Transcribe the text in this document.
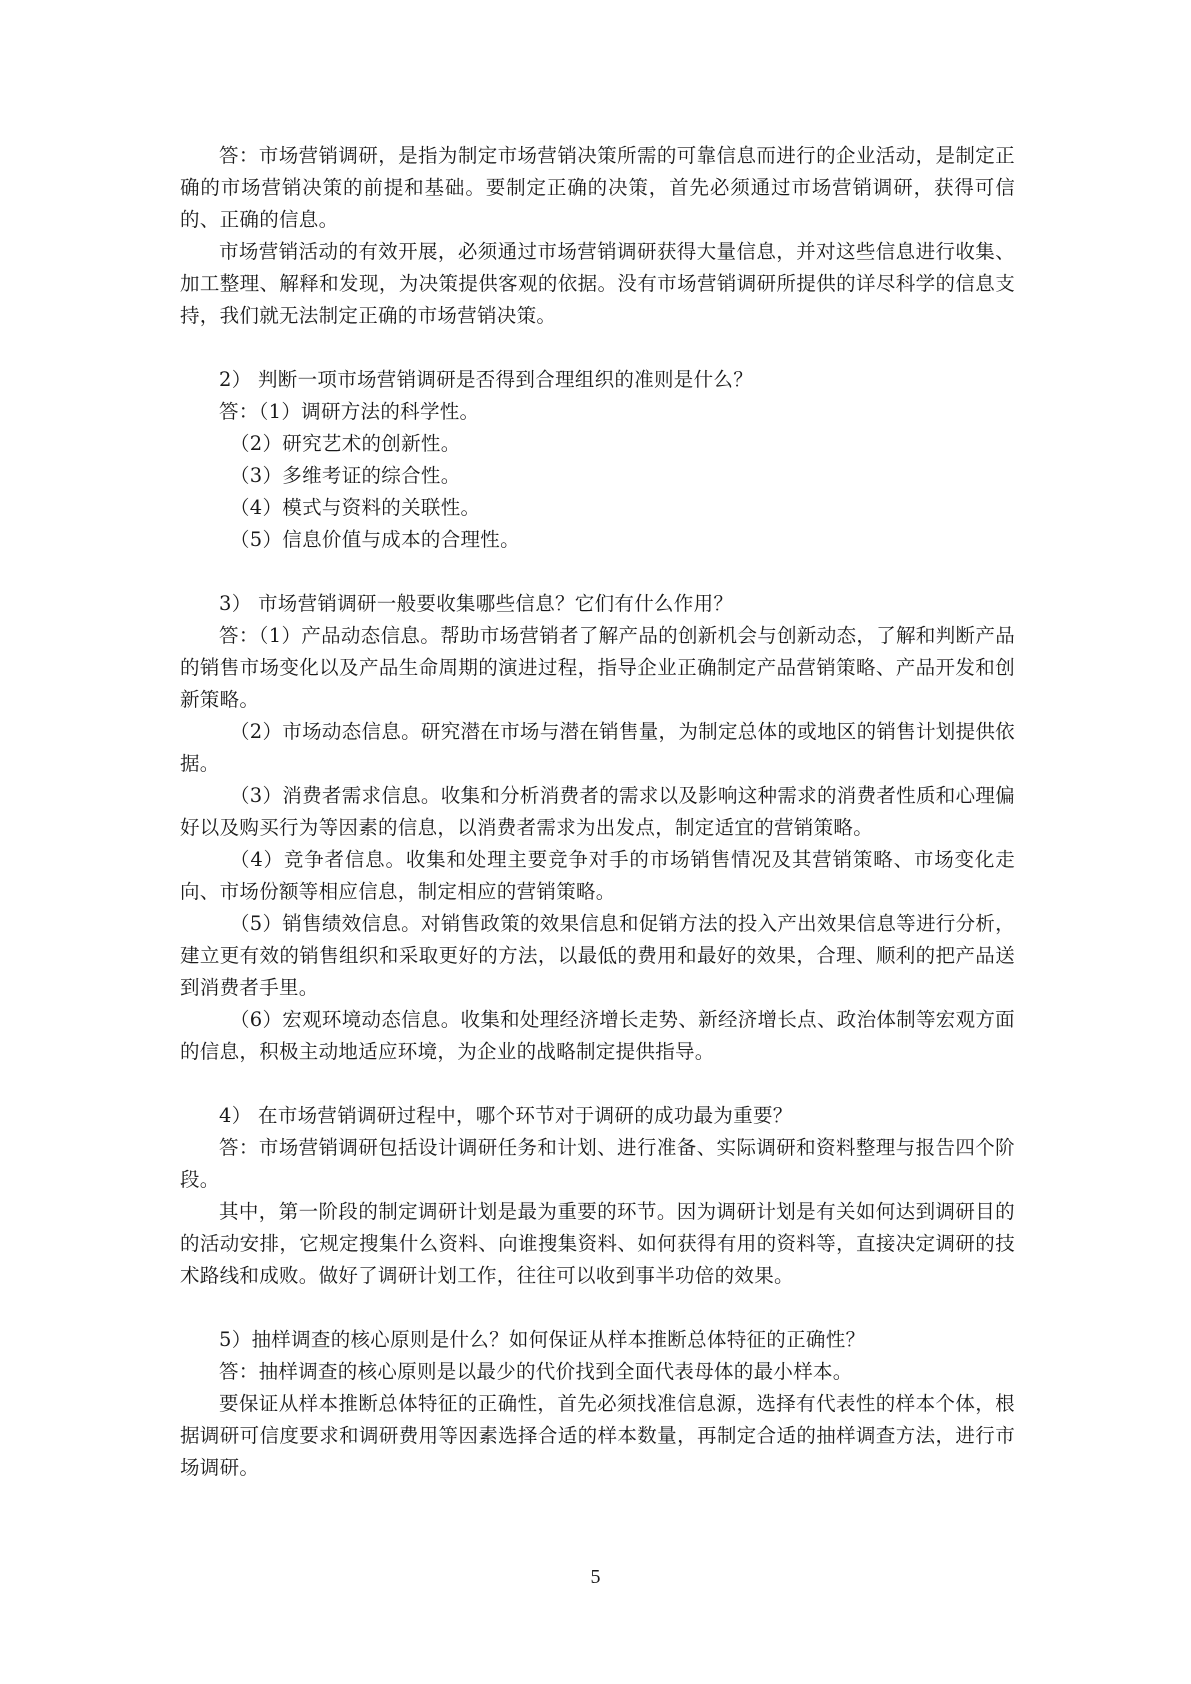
答：市场营销调研，是指为制定市场营销决策所需的可靠信息而进行的企业活动，是制定正确的市场营销决策的前提和基础。要制定正确的决策，首先必须通过市场营销调研，获得可信的、正确的信息。

市场营销活动的有效开展，必须通过市场营销调研获得大量信息，并对这些信息进行收集、加工整理、解释和发现，为决策提供客观的依据。没有市场营销调研所提供的详尽科学的信息支持，我们就无法制定正确的市场营销决策。

2） 判断一项市场营销调研是否得到合理组织的准则是什么？

答：（1）调研方法的科学性。

（2）研究艺术的创新性。

（3）多维考证的综合性。

（4）模式与资料的关联性。

（5）信息价值与成本的合理性。

3） 市场营销调研一般要收集哪些信息？它们有什么作用？

答：（1）产品动态信息。帮助市场营销者了解产品的创新机会与创新动态，了解和判断产品的销售市场变化以及产品生命周期的演进过程，指导企业正确制定产品营销策略、产品开发和创新策略。

（2）市场动态信息。研究潜在市场与潜在销售量，为制定总体的或地区的销售计划提供依据。

（3）消费者需求信息。收集和分析消费者的需求以及影响这种需求的消费者性质和心理偏好以及购买行为等因素的信息，以消费者需求为出发点，制定适宜的营销策略。

（4）竞争者信息。收集和处理主要竞争对手的市场销售情况及其营销策略、市场变化走向、市场份额等相应信息，制定相应的营销策略。

（5）销售绩效信息。对销售政策的效果信息和促销方法的投入产出效果信息等进行分析，建立更有效的销售组织和采取更好的方法，以最低的费用和最好的效果，合理、顺利的把产品送到消费者手里。

（6）宏观环境动态信息。收集和处理经济增长走势、新经济增长点、政治体制等宏观方面的信息，积极主动地适应环境，为企业的战略制定提供指导。

4） 在市场营销调研过程中，哪个环节对于调研的成功最为重要？

答：市场营销调研包括设计调研任务和计划、进行准备、实际调研和资料整理与报告四个阶段。

其中，第一阶段的制定调研计划是最为重要的环节。因为调研计划是有关如何达到调研目的的活动安排，它规定搜集什么资料、向谁搜集资料、如何获得有用的资料等，直接决定调研的技术路线和成败。做好了调研计划工作，往往可以收到事半功倍的效果。

5）抽样调查的核心原则是什么？如何保证从样本推断总体特征的正确性？

答：抽样调查的核心原则是以最少的代价找到全面代表母体的最小样本。

要保证从样本推断总体特征的正确性，首先必须找准信息源，选择有代表性的样本个体，根据调研可信度要求和调研费用等因素选择合适的样本数量，再制定合适的抽样调查方法，进行市场调研。

5
